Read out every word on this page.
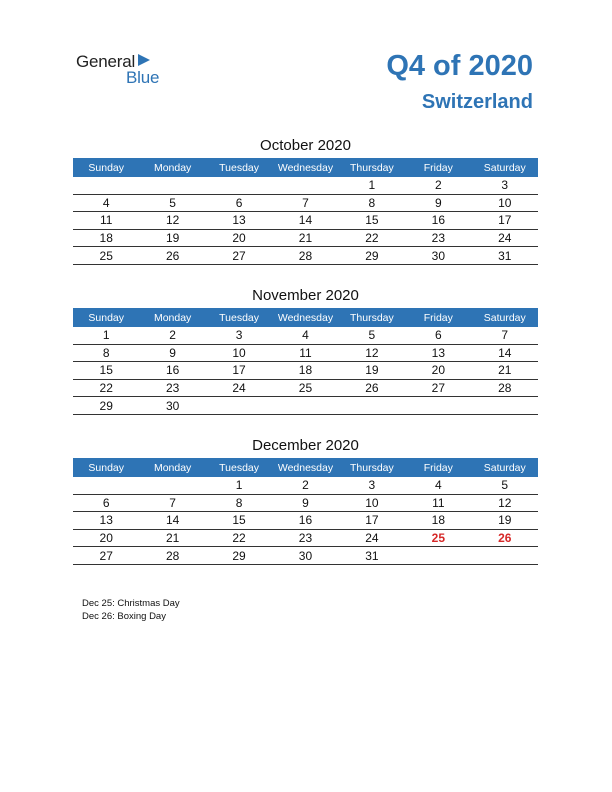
General
Blue	Q4 of 2020
Switzerland
October 2020
Sunday	Monday	Tuesday	Wednesday	Thursday	Friday	Saturday
				1	2	3
4	5	6	7	8	9	10
11	12	13	14	15	16	17
18	19	20	21	22	23	24
25	26	27	28	29	30	31
November 2020
Sunday	Monday	Tuesday	Wednesday	Thursday	Friday	Saturday
1	2	3	4	5	6	7
8	9	10	11	12	13	14
15	16	17	18	19	20	21
22	23	24	25	26	27	28
29	30					
December 2020
Sunday	Monday	Tuesday	Wednesday	Thursday	Friday	Saturday
		1	2	3	4	5
6	7	8	9	10	11	12
13	14	15	16	17	18	19
20	21	22	23	24	25	26
27	28	29	30	31		
Dec 25: Christmas Day
Dec 26: Boxing Day
